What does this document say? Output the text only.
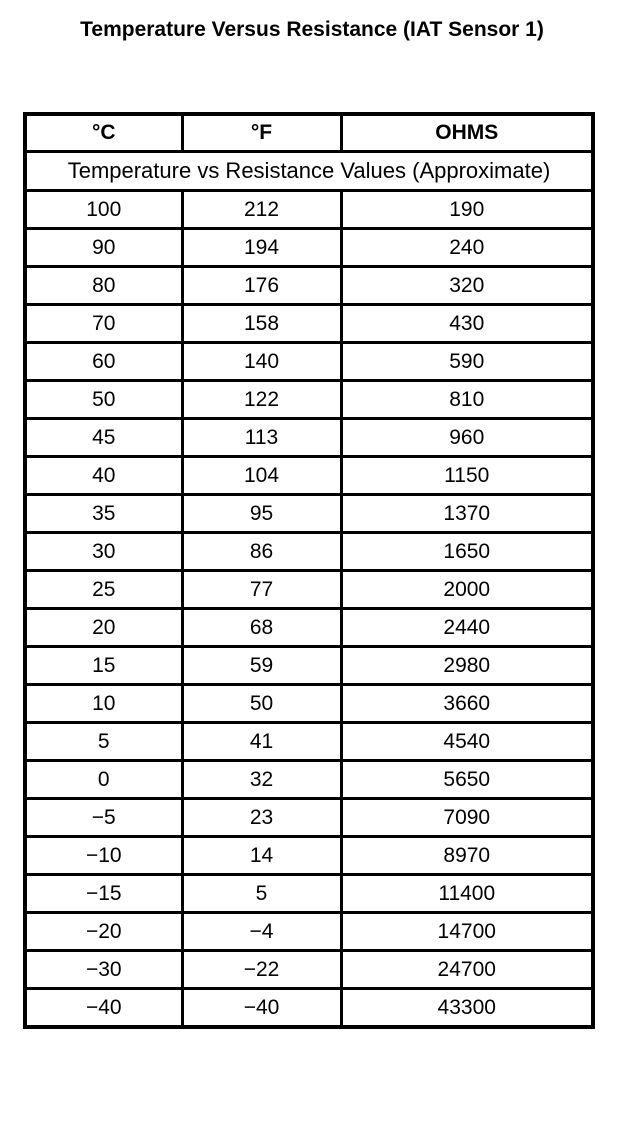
Temperature Versus Resistance (IAT Sensor 1)
°C	°F	OHMS
Temperature vs Resistance Values (Approximate)		
100	212	190
90	194	240
80	176	320
70	158	430
60	140	590
50	122	810
45	113	960
40	104	1150
35	95	1370
30	86	1650
25	77	2000
20	68	2440
15	59	2980
10	50	3660
5	41	4540
0	32	5650
−5	23	7090
−10	14	8970
−15	5	11400
−20	−4	14700
−30	−22	24700
−40	−40	43300
